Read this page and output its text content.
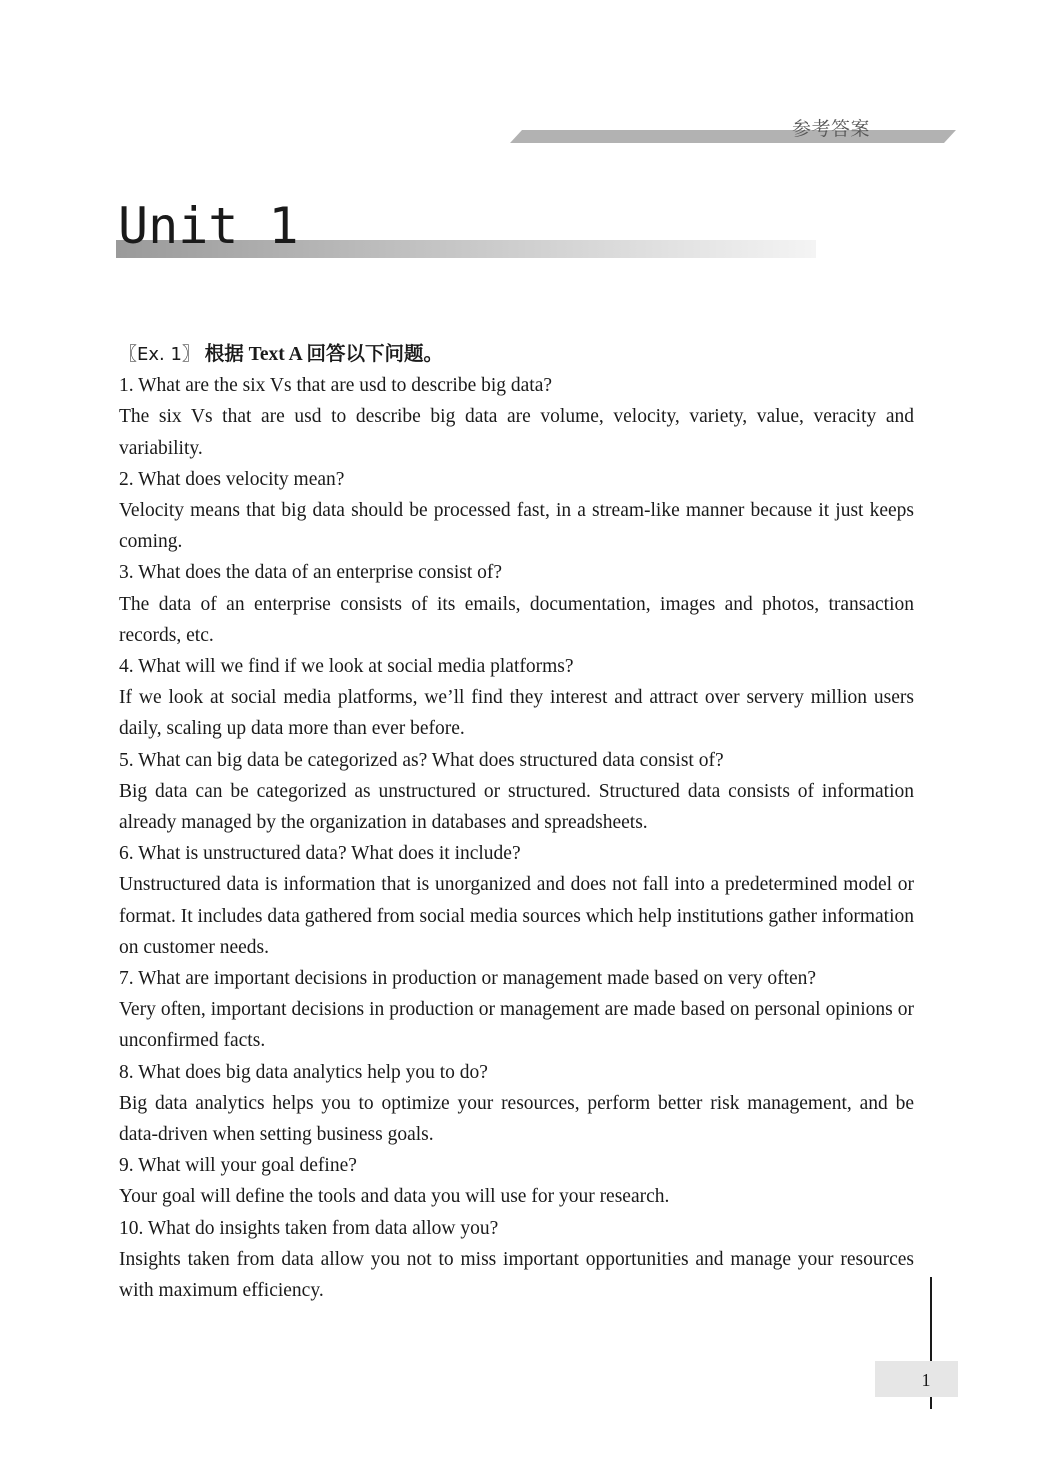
参考答案
Unit 1

〖Ex. 1〗 根据 Text A 回答以下问题。

1. What are the six Vs that are usd to describe big data?

The six Vs that are usd to describe big data are volume, velocity, variety, value, veracity and variability.

2. What does velocity mean?

Velocity means that big data should be processed fast, in a stream-like manner because it just keeps coming.

3. What does the data of an enterprise consist of?

The data of an enterprise consists of its emails, documentation, images and photos, transaction records, etc.

4. What will we find if we look at social media platforms?

If we look at social media platforms, we’ll find they interest and attract over servery million users daily, scaling up data more than ever before.

5. What can big data be categorized as? What does structured data consist of?

Big data can be categorized as unstructured or structured. Structured data consists of information already managed by the organization in databases and spreadsheets.

6. What is unstructured data? What does it include?

Unstructured data is information that is unorganized and does not fall into a predetermined model or format. It includes data gathered from social media sources which help institutions gather information on customer needs.

7. What are important decisions in production or management made based on very often?

Very often, important decisions in production or management are made based on personal opinions or unconfirmed facts.

8. What does big data analytics help you to do?

Big data analytics helps you to optimize your resources, perform better risk management, and be data-driven when setting business goals.

9. What will your goal define?

Your goal will define the tools and data you will use for your research.

10. What do insights taken from data allow you?

Insights taken from data allow you not to miss important opportunities and manage your resources with maximum efficiency.

1
